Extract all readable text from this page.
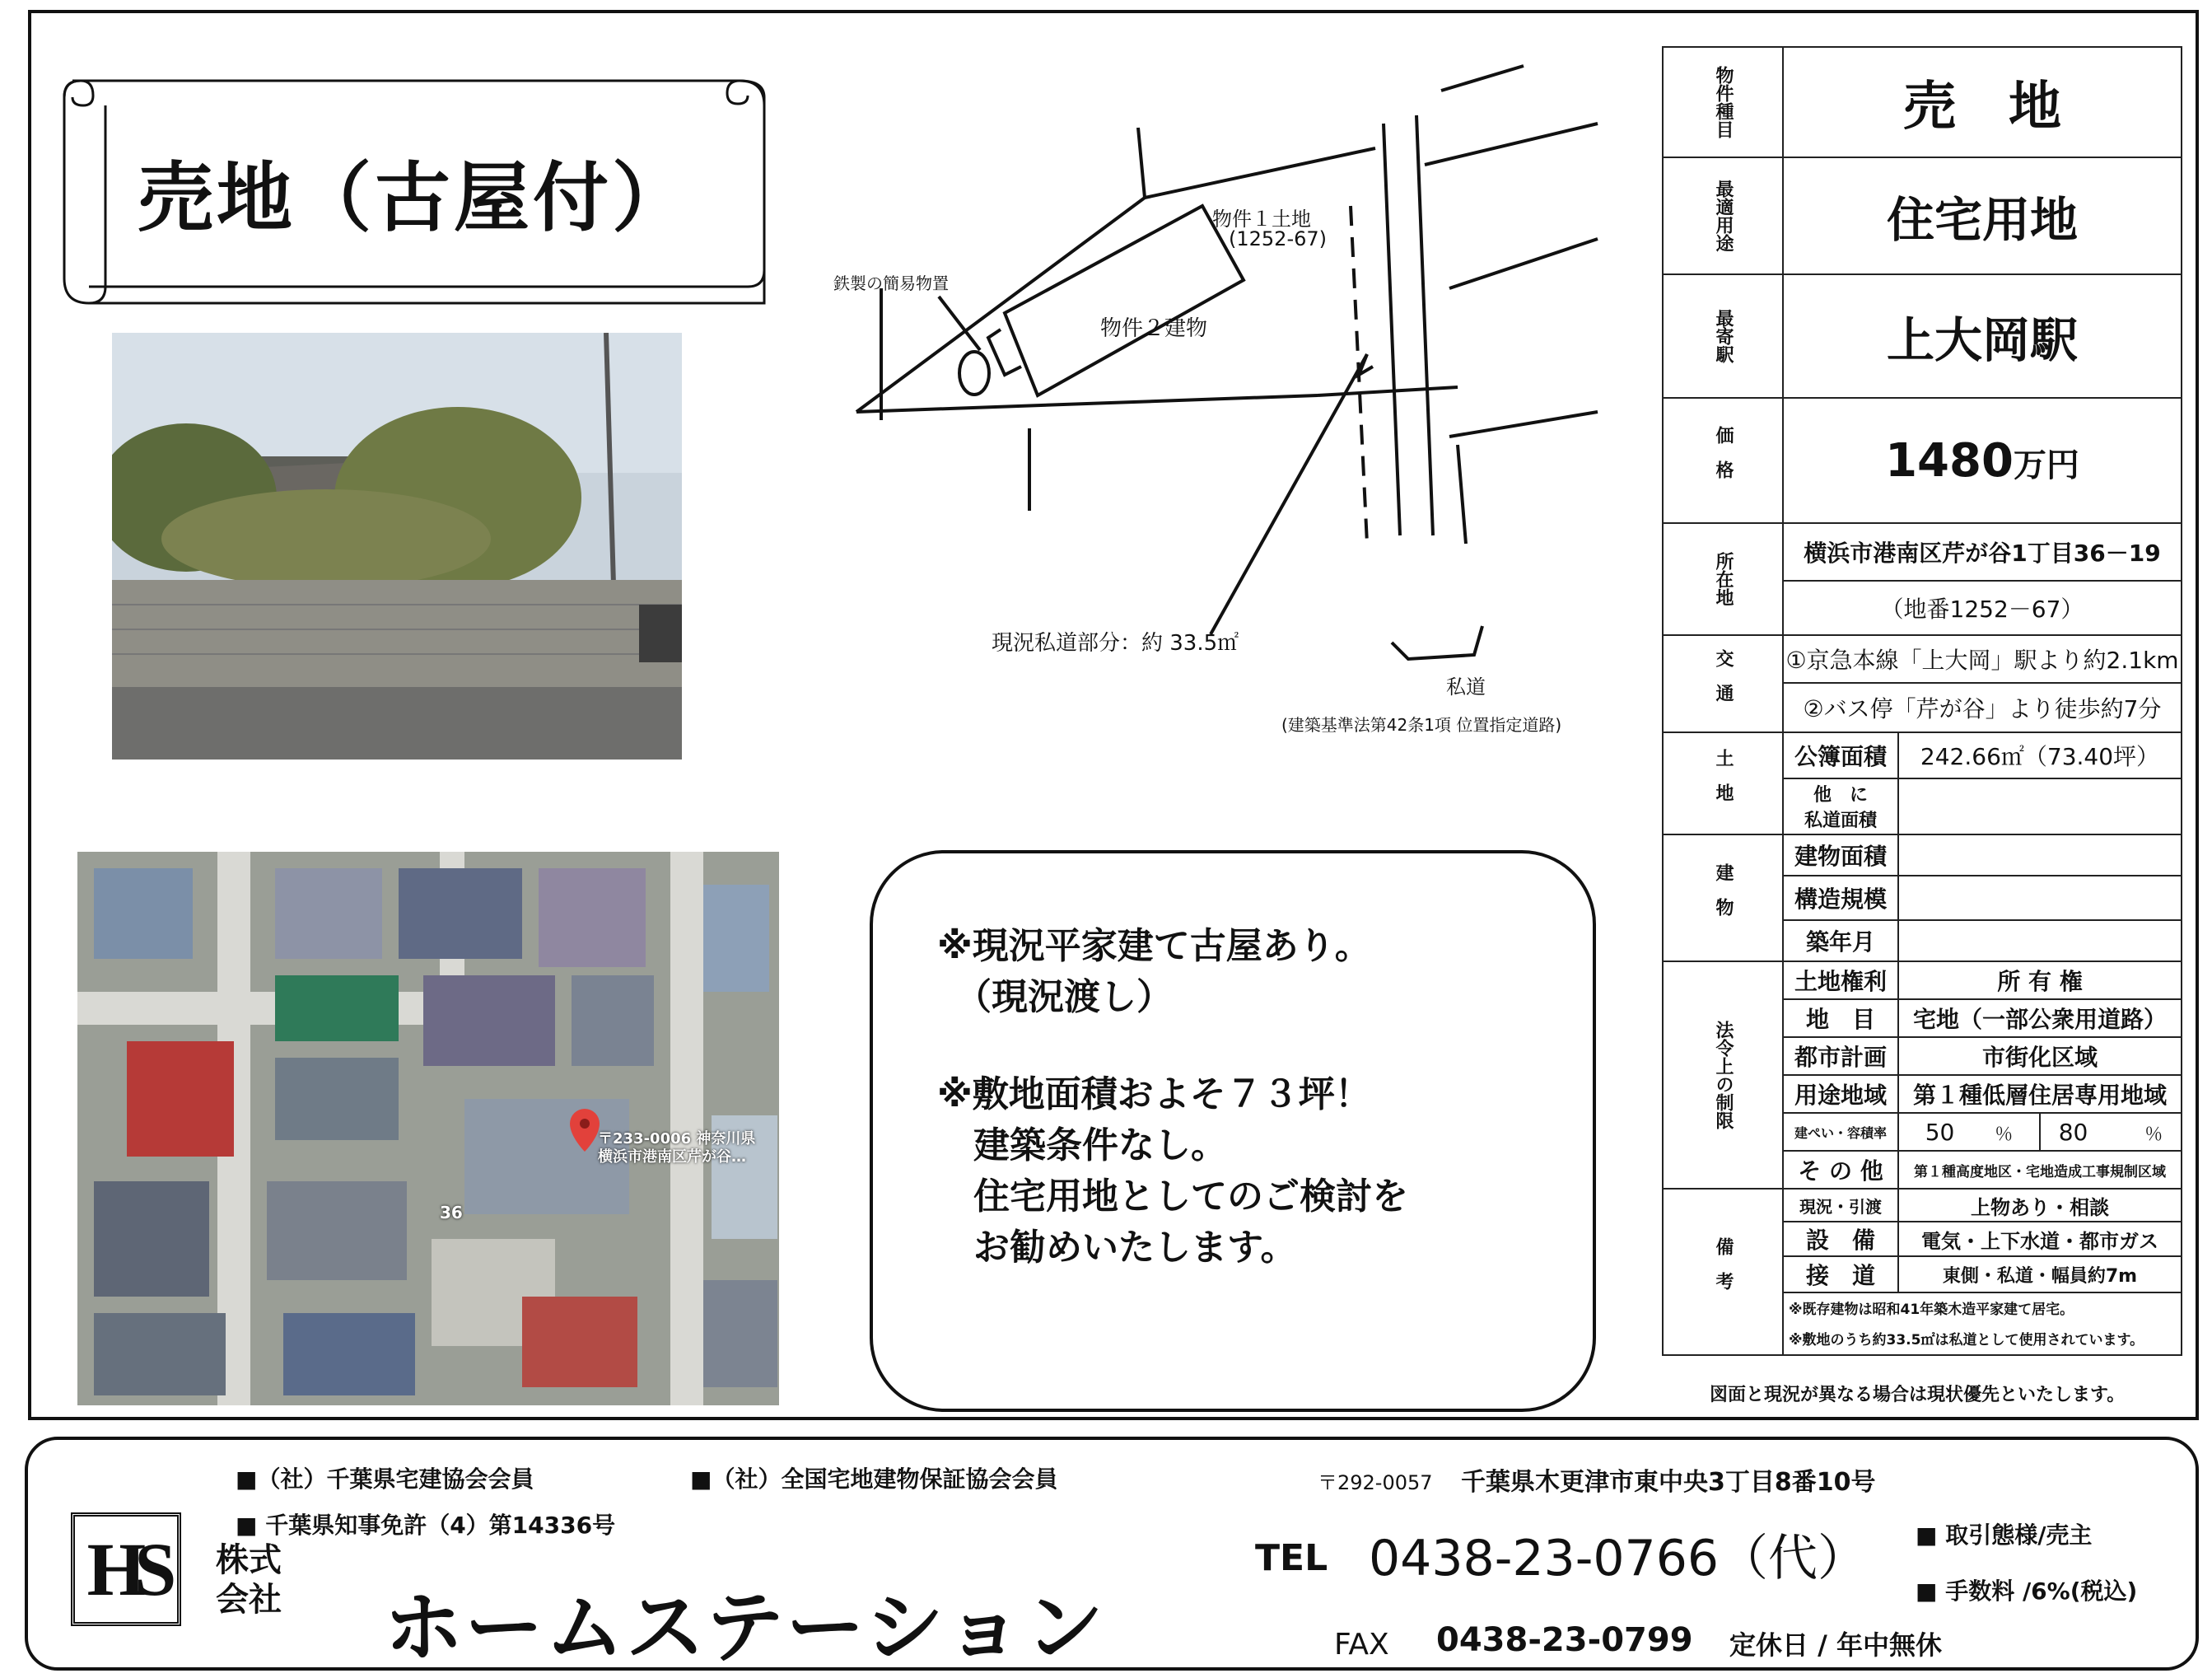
売地（古屋付）
〒233-0006 神奈川県 横浜市港南区芹が谷…
36
物件１土地
(1252-67)
物件２建物
鉄製の簡易物置
現況私道部分：約 33.5㎡
私道
(建築基準法第42条1項 位置指定道路)
※現況平家建て古屋あり。
　（現況渡し）
※敷地面積およそ７３坪！
　建築条件なし。
　住宅用地としてのご検討を
　お勧めいたします。
物件種目	売　地		
最適用途	住宅用地		
最寄駅	上大岡駅		
価格	1480万円		
所在地	横浜市港南区芹が谷1丁目36－19		
	（地番1252－67）		
交通	①京急本線「上大岡」駅より約2.1km		
	②バス停「芹が谷」より徒歩約7分		
土地	公簿面積	242.66㎡（73.40坪）	
	他　に
私道面積		
建物	建物面積		
	構造規模		
	築年月		
法令上の制限	土地権利	所 有 権	
	地　目	宅地（一部公衆用道路）	
	都市計画	市街化区域	
	用途地域	第１種低層住居専用地域	
	建ぺい・容積率	50 ％	80 ％
	そ の 他	第１種高度地区・宅地造成工事規制区域	
備考	現況・引渡	上物あり・相談	
	設　備	電気・上下水道・都市ガス	
	接　道	東側・私道・幅員約7m	
	※既存建物は昭和41年築木造平家建て居宅。		
	※敷地のうち約33.5㎡は私道として使用されています。		
図面と現況が異なる場合は現状優先といたします。
■（社）千葉県宅建協会会員	■（社）全国宅地建物保証協会会員
■ 千葉県知事免許（4）第14336号
〒292-0057 千葉県木更津市東中央3丁目8番10号
HS 株式
会社 ホームステーション
TEL 0438-23-0766（代）
FAX 0438-23-0799 定休日 / 年中無休
■ 取引態様/売主
■ 手数料 /6%(税込)
